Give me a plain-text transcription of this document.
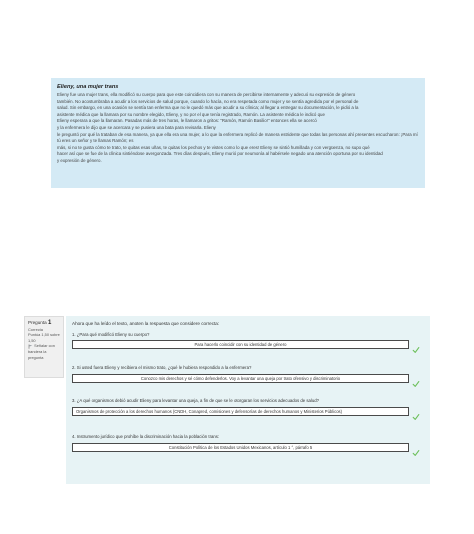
Elieny, una mujer trans
Elieny fue una mujer trans, ella modificó su cuerpo para que este coincidiera con su manera de percibirse internamente y adecuó su expresión de género
también. No acostumbraba a acudir a los servicios de salud porque, cuando lo hacía, no era respetada como mujer y se sentía agredida por el personal de
salud. Sin embargo, en una ocasión se sentía tan enferma que no le quedó más que acudir a su clínica; al llegar a entregar su documentación, le pidió a la
asistente médica que la llamara por su nombre elegido, Elieny, y no por el que tenía registrado, Ramón. La asistente médica le indicó que
Elieny esperara a que la llamaran. Pasadas más de tres horas, le llamaron a gritos: "Ramón, Ramón Basilio!" entonces ella se acercó
y la enfermera le dijo que se acercara y se pusiera una bata para revisarla. Elieny
le preguntó por qué la trataban de esa manera, ya que ella era una mujer, a lo que la enfermera replicó de manera estridente que todas las personas ahí presentes escucharon: ¡Para mí tú eres un señor y te llamas Ramón; es
más, si no te gusta cómo te trato, te quitas esas uñas, te quitas los pechos y te vistes como lo que eres! Elieny se sintió humillada y con vergüenza, no supo qué
hacer así que se fue de la clínica sintiéndose avergonzada. Tres días después, Elieny murió por neumonía al habérsele negado una atención oportuna por su identidad
y expresión de género.
Pregunta 1
Correcta
Puntúa 1,50 sobre
1,50
Señalar con
bandera la
pregunta
Ahora que ha leído el texto, anoten la respuesta que considere correcta:
1. ¿Para qué modificó Elieny su cuerpo?
Para hacerlo coincidir con su identidad de género
2. Si usted fuera Elieny y recibiera el mismo trato, ¿qué le hubiera respondido a la enfermera?
Conozco mis derechos y sé cómo defenderlos. Voy a levantar una queja por trato ofensivo y discriminatorio
3. ¿A qué organismos debió acudir Elieny para levantar una queja, a fin de que se le otorgaran los servicios adecuados de salud?
Organismos de protección a los derechos humanos (CNDH, Conapred, comisiones y defensorías de derechos humanos y Ministerios Públicos)
4. Instrumento jurídico que prohíbe la discriminación hacia la población trans:
Constitución Política de los Estados Unidos Mexicanos, artículo 1 °, párrafo 5
